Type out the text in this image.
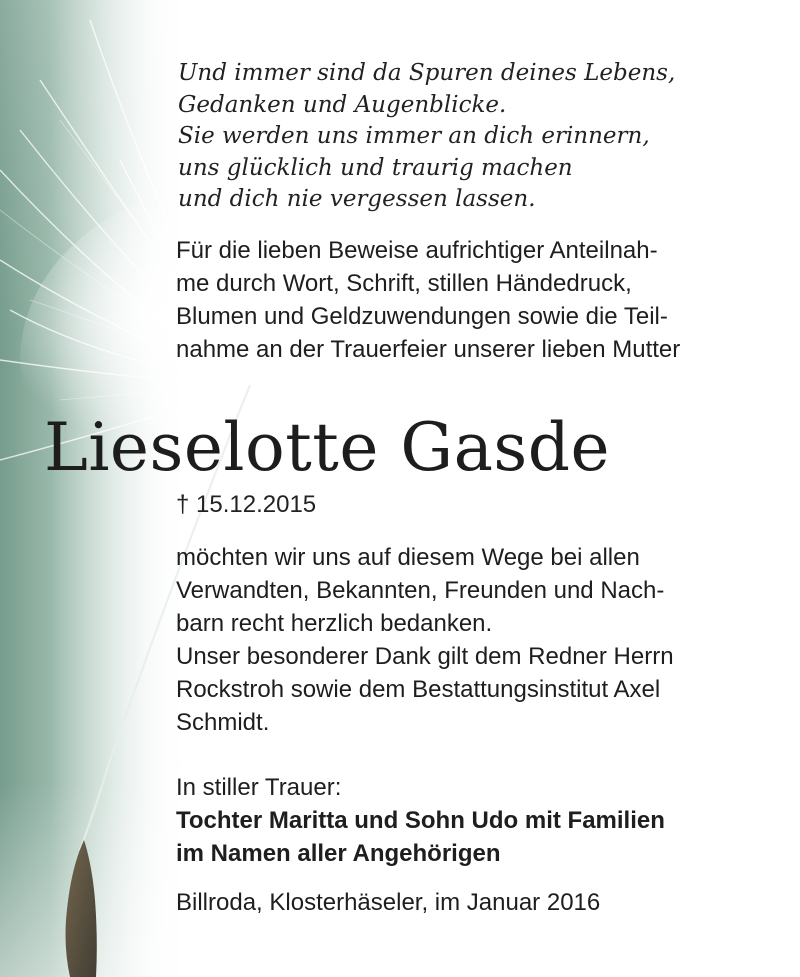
Und immer sind da Spuren deines Lebens,
Gedanken und Augenblicke.
Sie werden uns immer an dich erinnern,
uns glücklich und traurig machen
und dich nie vergessen lassen.
Für die lieben Beweise aufrichtiger Anteilnah-
me durch Wort, Schrift, stillen Händedruck,
Blumen und Geldzuwendungen sowie die Teil-
nahme an der Trauerfeier unserer lieben Mutter
Lieselotte Gasde
† 15.12.2015
möchten wir uns auf diesem Wege bei allen
Verwandten, Bekannten, Freunden und Nach-
barn recht herzlich bedanken.
Unser besonderer Dank gilt dem Redner Herrn
Rockstroh sowie dem Bestattungsinstitut Axel
Schmidt.
In stiller Trauer:
Tochter Maritta und Sohn Udo mit Familien
im Namen aller Angehörigen
Billroda, Klosterhäseler, im Januar 2016
